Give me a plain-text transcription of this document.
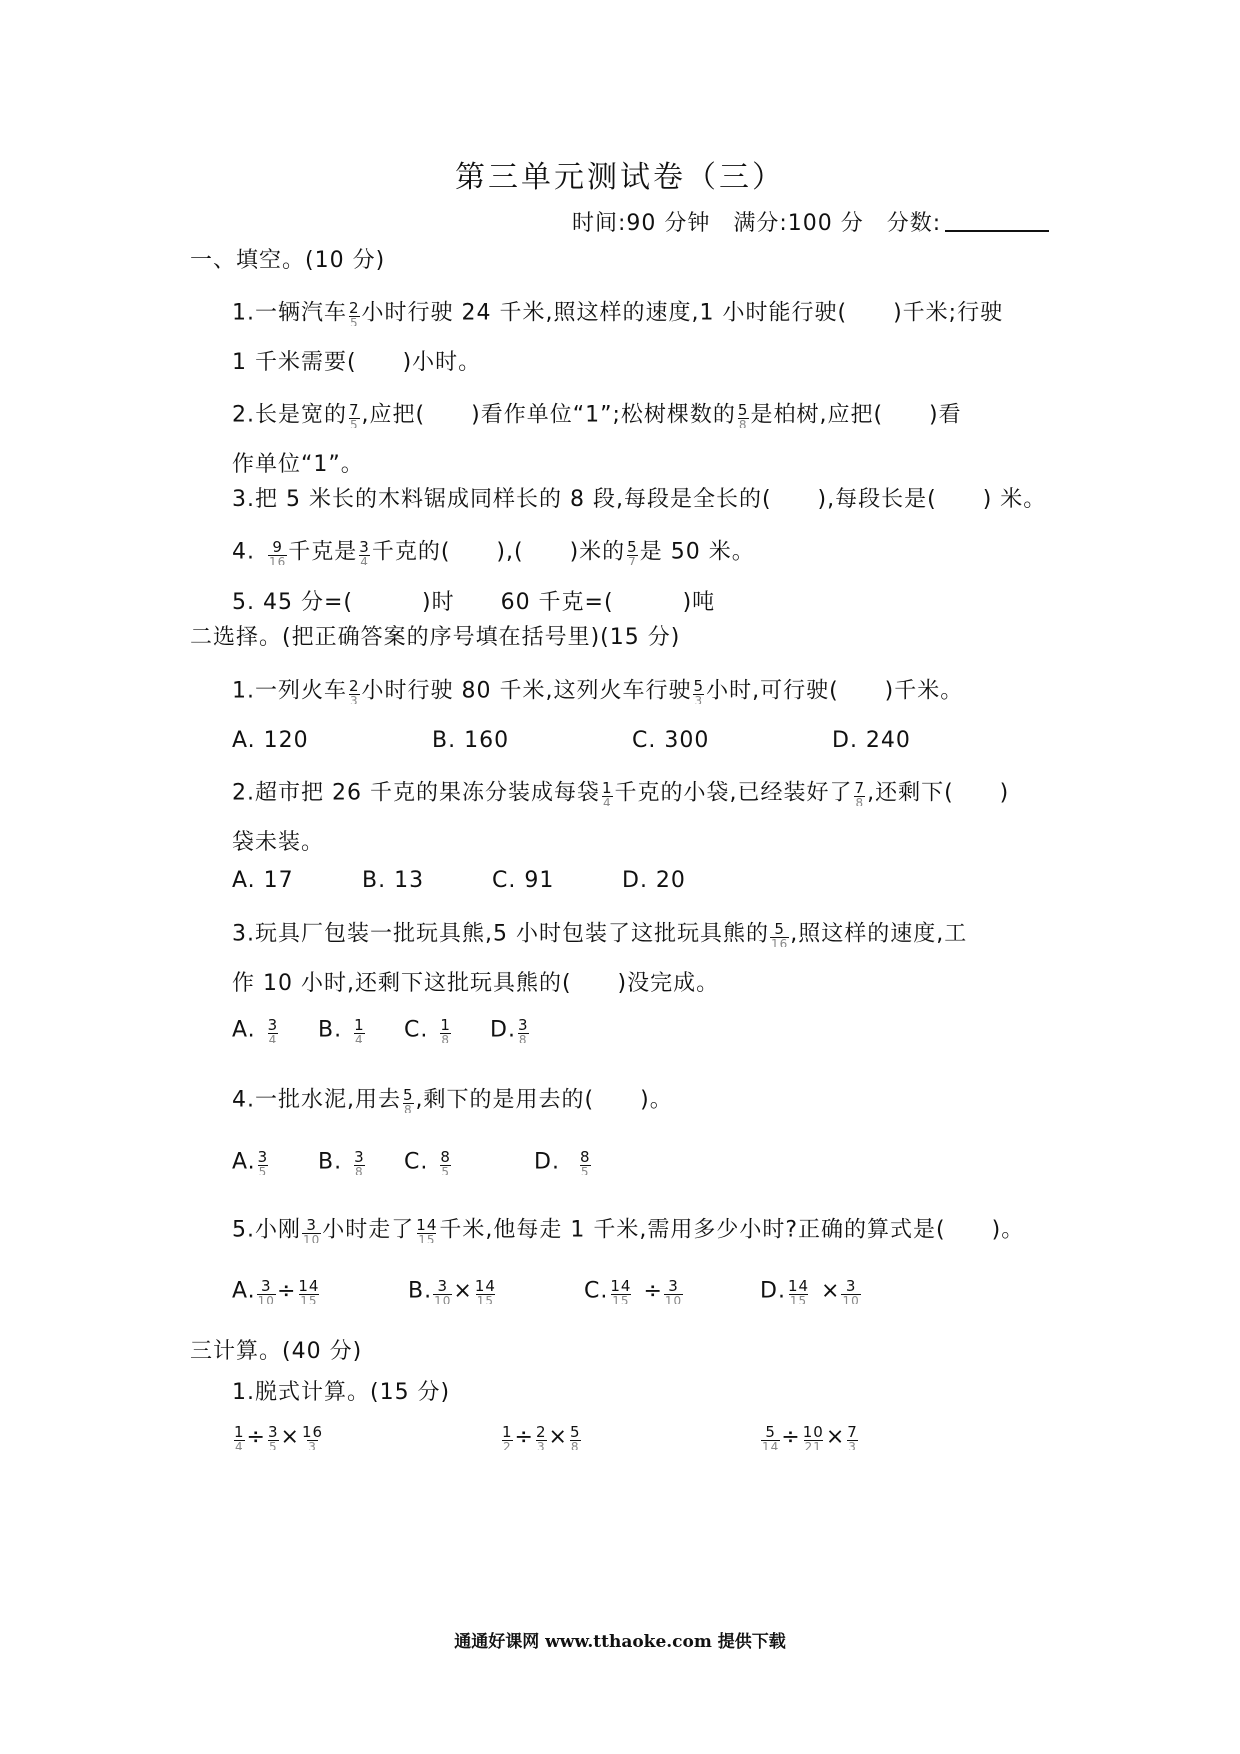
第三单元测试卷（三）
时间:90 分钟　满分:100 分　分数:
一、填空。(10 分)
1.一辆汽车 $\frac{2}{5}$ 小时行驶 24 千米,照这样的速度,1 小时能行驶(　　)千米;行驶
1 千米需要(　　)小时。
2.长是宽的 $\frac{7}{5}$ ,应把(　　)看作单位“1”;松树棵数的 $\frac{5}{8}$ 是柏树,应把(　　)看
作单位“1”。
3.把 5 米长的木料锯成同样长的 8 段,每段是全长的(　　),每段长是(　　) 米。
4. $\frac{9}{16}$ 千克是 $\frac{3}{4}$ 千克的(　　),(　　)米的 $\frac{5}{7}$ 是 50 米。
5. 45 分=(　　　)时　　60 千克=(　　　)吨
二选择。(把正确答案的序号填在括号里)(15 分)
1.一列火车 $\frac{2}{3}$ 小时行驶 80 千米,这列火车行驶 $\frac{5}{3}$ 小时,可行驶(　　)千米。
A. 120	B. 160	C. 300	D. 240
2.超市把 26 千克的果冻分装成每袋 $\frac{1}{4}$ 千克的小袋,已经装好了 $\frac{7}{8}$ ,还剩下(　　)
袋未装。
A. 17	B. 13	C. 91	D. 20
3.玩具厂包装一批玩具熊,5 小时包装了这批玩具熊的 $\frac{5}{16}$ ,照这样的速度,工
作 10 小时,还剩下这批玩具熊的(　　)没完成。
A. $\frac{3}{4} B$. $\frac{1}{4} C$. $\frac{1}{8} D$. $\frac{3}{8}$
4.一批水泥,用去 $\frac{5}{8}$ ,剩下的是用去的(　　)。
A. $\frac{3}{5} B$. $\frac{3}{8} C$. $\frac{8}{5}$	D. $\frac{8}{5}$
5.小刚 $\frac{3}{10}$ 小时走了 $\frac{14}{15}$ 千米,他每走 1 千米,需用多少小时?正确的算式是(　　)。
A. $\frac{3}{10} \div \frac{14}{15}$	B. $\frac{3}{10} \times \frac{14}{15}$	C. $\frac{14}{15} \div \frac{3}{10}$	D. $\frac{14}{15} \times \frac{3}{10}$
三计算。(40 分)
1.脱式计算。(15 分)
$\frac{1}{4} \div \frac{3}{5} \times \frac{16}{3}$	$\frac{1}{2} \div \frac{2}{3} \times \frac{5}{8}$	$\frac{5}{14} \div \frac{10}{21} \times \frac{7}{3}$
通通好课网 www.tthaoke.com 提供下载
